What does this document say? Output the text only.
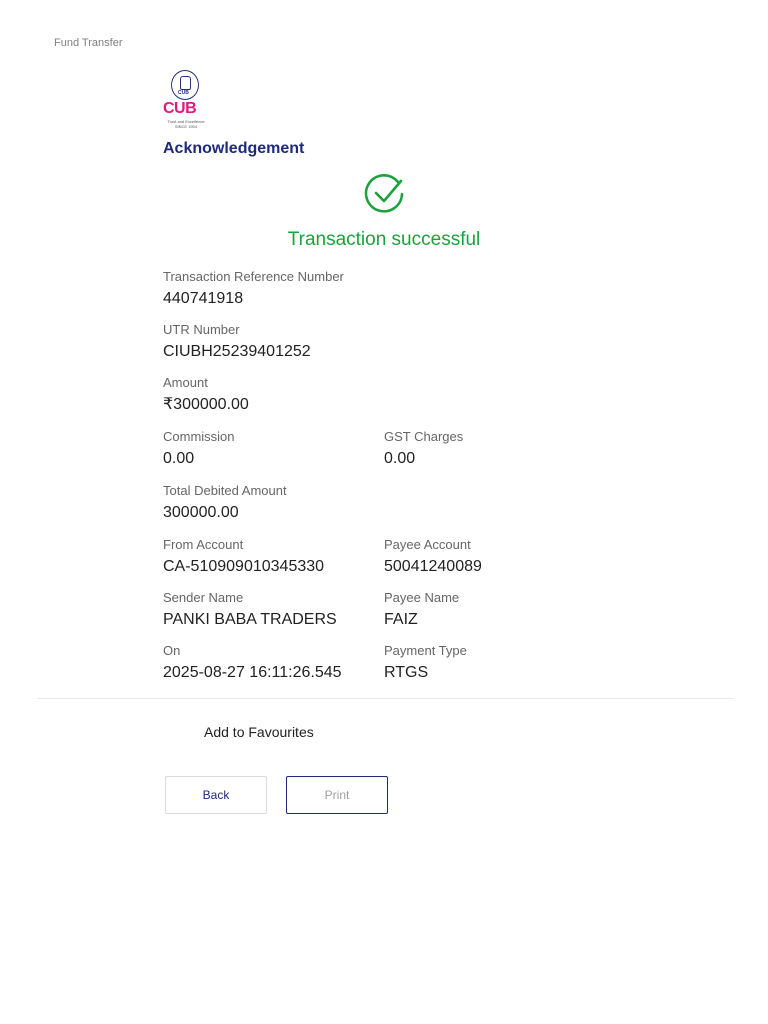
Fund Transfer
CUB
CUB
Trust and Excellence
SINCE 1904
Acknowledgement
Transaction successful
Transaction Reference Number
440741918
UTR Number
CIUBH25239401252
Amount
₹300000.00
Commission
0.00
GST Charges
0.00
Total Debited Amount
300000.00
From Account
CA-510909010345330
Payee Account
50041240089
Sender Name
PANKI BABA TRADERS
Payee Name
FAIZ
On
2025-08-27 16:11:26.545
Payment Type
RTGS
Add to Favourites
Back	Print
